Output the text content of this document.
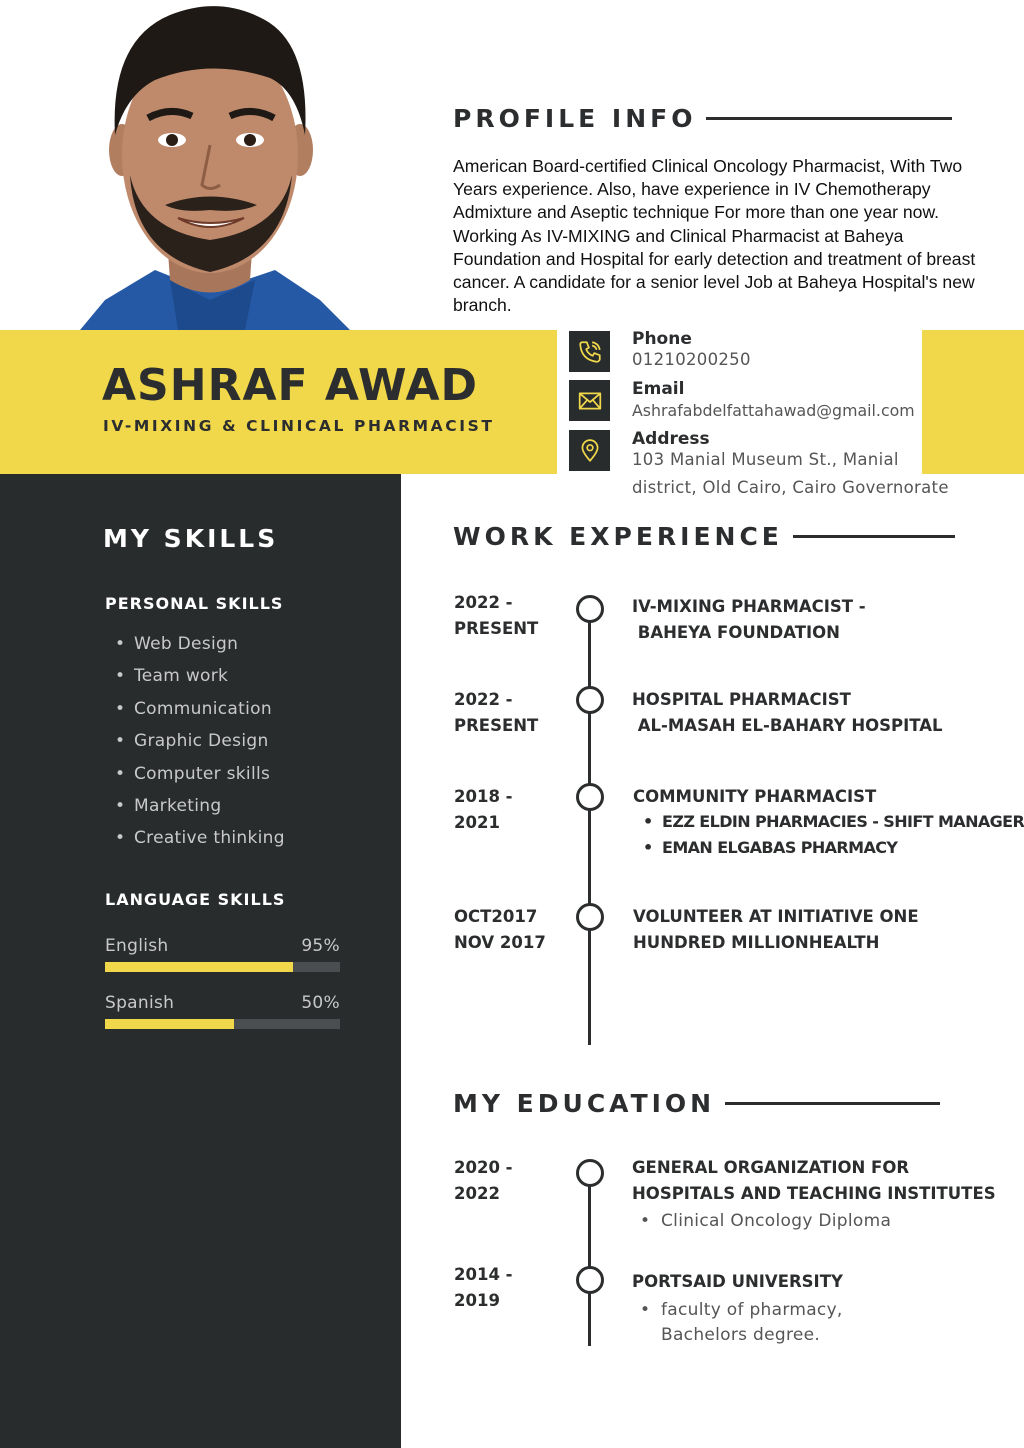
ASHRAF AWAD
IV-MIXING & CLINICAL PHARMACIST
PROFILE INFO
American Board-certified Clinical Oncology Pharmacist, With Two Years experience. Also, have experience in IV Chemotherapy Admixture and Aseptic technique For more than one year now. Working As IV-MIXING and Clinical Pharmacist at Baheya Foundation and Hospital for early detection and treatment of breast cancer. A candidate for a senior level Job at Baheya Hospital's new branch.
Phone
01210200250
Email
Ashrafabdelfattahawad@gmail.com
Address
103 Manial Museum St., Manial
district, Old Cairo, Cairo Governorate
MY SKILLS
PERSONAL SKILLS
• Web Design
• Team work
• Communication
• Graphic Design
• Computer skills
• Marketing
• Creative thinking
LANGUAGE SKILLS
English	95%
Spanish	50%
WORK EXPERIENCE
2022 -
PRESENT
IV-MIXING PHARMACIST -
BAHEYA FOUNDATION
2022 -
PRESENT
HOSPITAL PHARMACIST
AL-MASAH EL-BAHARY HOSPITAL
2018 -
2021
COMMUNITY PHARMACIST
• EZZ ELDIN PHARMACIES - SHIFT MANAGER
• EMAN ELGABAS PHARMACY
OCT2017
NOV 2017
VOLUNTEER AT INITIATIVE ONE
HUNDRED MILLIONHEALTH
MY EDUCATION
2020 -
2022
GENERAL ORGANIZATION FOR
HOSPITALS AND TEACHING INSTITUTES
• Clinical Oncology Diploma
2014 -
2019
PORTSAID UNIVERSITY
• faculty of pharmacy,
Bachelors degree.
